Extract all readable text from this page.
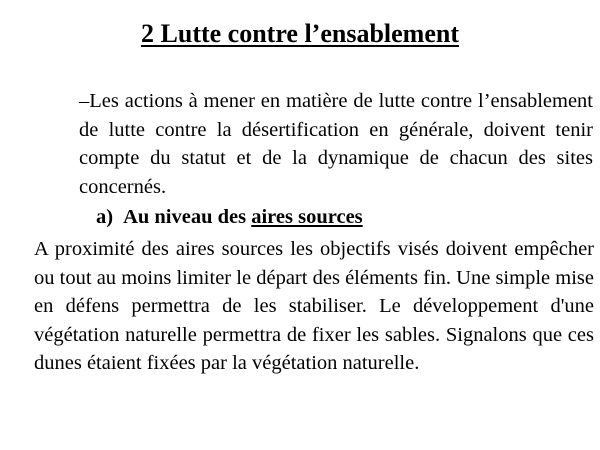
2 Lutte contre l’ensablement
–Les actions à mener en matière de lutte contre l’ensablement de lutte contre la désertification en générale, doivent tenir compte du statut et de la dynamique de chacun des sites concernés.
a) Au niveau des aires sources
A proximité des aires sources les objectifs visés doivent empêcher ou tout au moins limiter le départ des éléments fin. Une simple mise en défens permettra de les stabiliser. Le développement d'une végétation naturelle permettra de fixer les sables. Signalons que ces dunes étaient fixées par la végétation naturelle.
